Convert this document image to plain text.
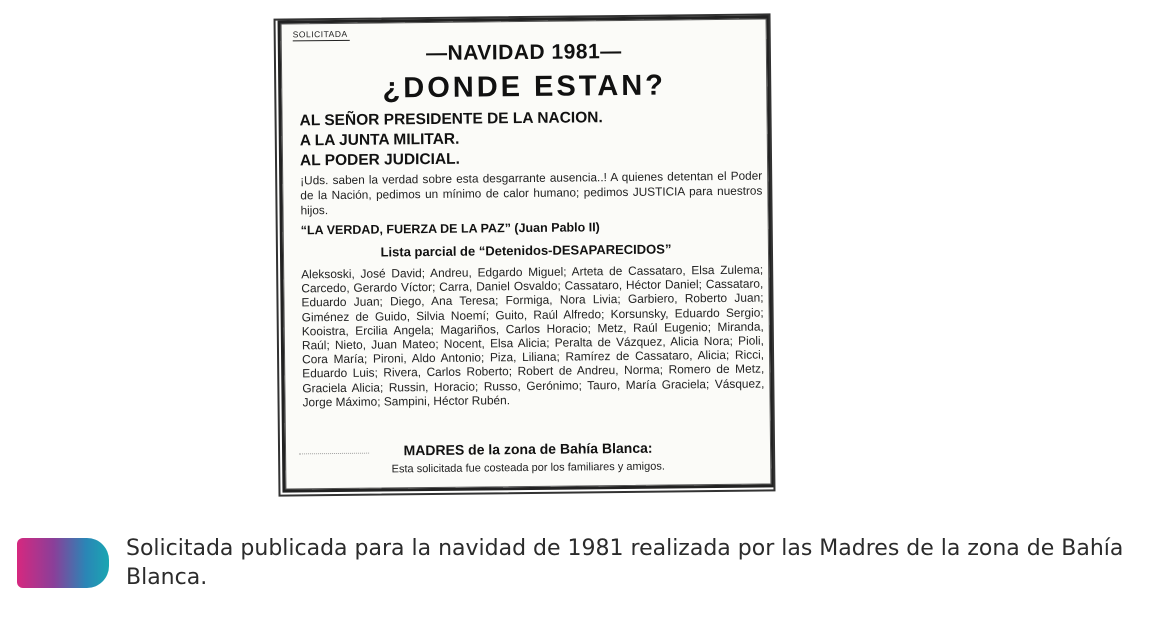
SOLICITADA
—NAVIDAD 1981—
¿DONDE ESTAN?
AL SEÑOR PRESIDENTE DE LA NACION.
A LA JUNTA MILITAR.
AL PODER JUDICIAL.
¡Uds. saben la verdad sobre esta desgarrante ausencia..! A quienes detentan el Poder de la Nación, pedimos un mínimo de calor humano; pedimos JUSTICIA para nuestros hijos.
“LA VERDAD, FUERZA DE LA PAZ” (Juan Pablo II)
Lista parcial de “Detenidos-DESAPARECIDOS”
Aleksoski, José David; Andreu, Edgardo Miguel; Arteta de Cassataro, Elsa Zulema; Carcedo, Gerardo Víctor; Carra, Daniel Osvaldo; Cassataro, Héctor Daniel; Cassataro, Eduardo Juan; Diego, Ana Teresa; Formiga, Nora Livia; Garbiero, Roberto Juan; Giménez de Guido, Silvia Noemí; Guito, Raúl Alfredo; Korsunsky, Eduardo Sergio; Kooistra, Ercilia Angela; Magariños, Carlos Horacio; Metz, Raúl Eugenio; Miranda, Raúl; Nieto, Juan Mateo; Nocent, Elsa Alicia; Peralta de Vázquez, Alicia Nora; Pioli, Cora María; Pironi, Aldo Antonio; Piza, Liliana; Ramírez de Cassataro, Alicia; Ricci, Eduardo Luis; Rivera, Carlos Roberto; Robert de Andreu, Norma; Romero de Metz, Graciela Alicia; Russin, Horacio; Russo, Gerónimo; Tauro, María Graciela; Vásquez, Jorge Máximo; Sampini, Héctor Rubén.
MADRES de la zona de Bahía Blanca:
Esta solicitada fue costeada por los familiares y amigos.
Solicitada publicada para la navidad de 1981 realizada por las Madres de la zona de Bahía Blanca.
